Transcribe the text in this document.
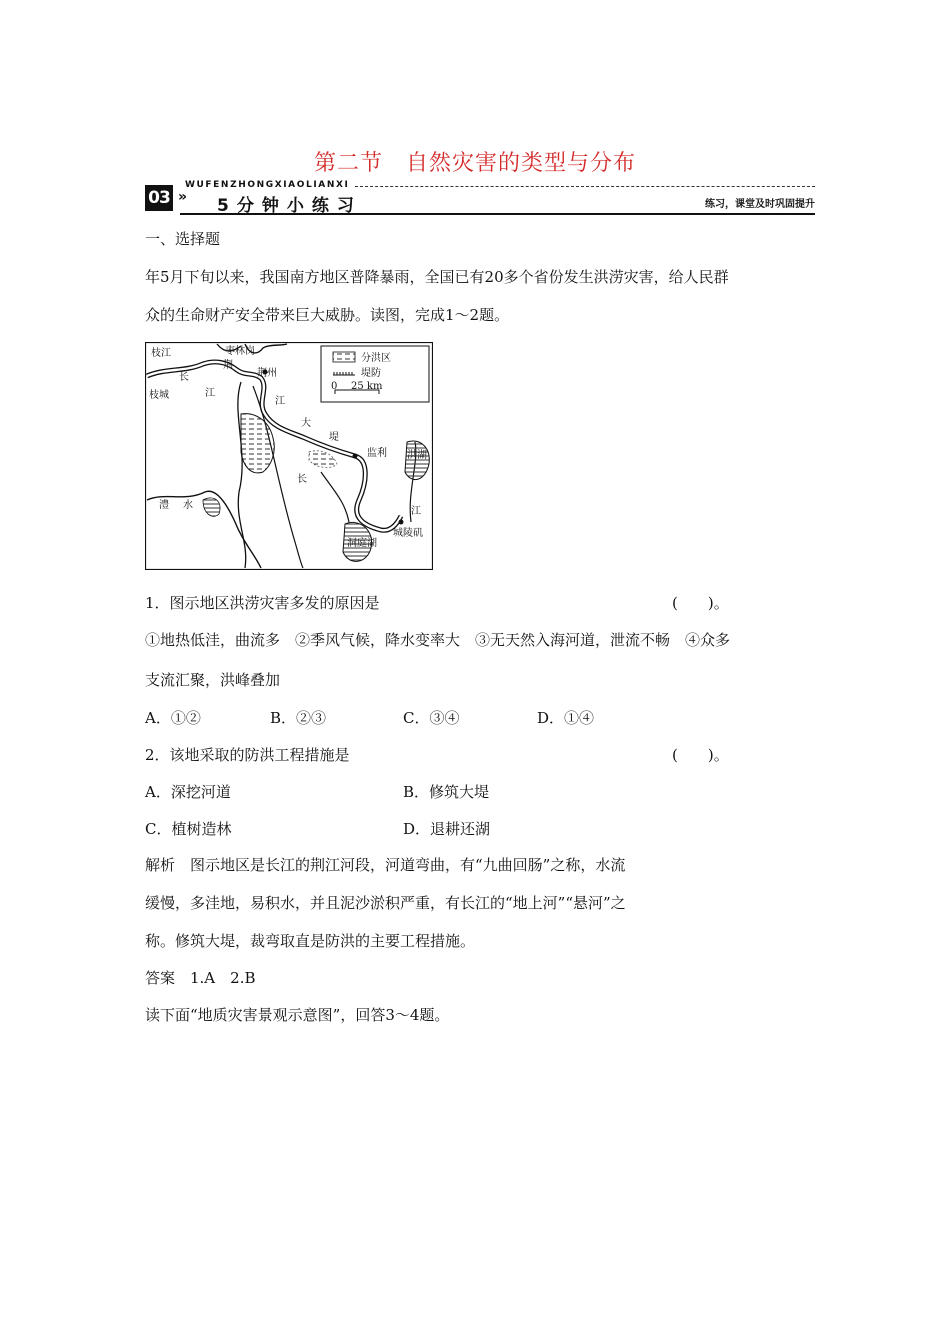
第二节　自然灾害的类型与分布
03 »
WUFENZHONGXIAOLIANXI
5分钟小练习	练习，课堂及时巩固提升
一、选择题
年5月下旬以来，我国南方地区普降暴雨，全国已有20多个省份发生洪涝灾害，给人民群
众的生命财产安全带来巨大威胁。读图，完成1～2题。
分洪区
堤防
0 25 km
枝江
枝城
枣林岗
荆
荆州
长
江
江
大
堤
监利 洪湖
长
江
澧 水
洞庭湖
城陵矶
1．图示地区洪涝灾害多发的原因是	(　　)。
①地热低洼，曲流多　②季风气候，降水变率大　③无天然入海河道，泄流不畅　④众多
支流汇聚，洪峰叠加
A．①②	B．②③	C．③④	D．①④
2．该地采取的防洪工程措施是	(　　)。
A．深挖河道	B．修筑大堤
C．植树造林	D．退耕还湖
解析　图示地区是长江的荆江河段，河道弯曲，有“九曲回肠”之称，水流
缓慢，多洼地，易积水，并且泥沙淤积严重，有长江的“地上河”“悬河”之
称。修筑大堤，裁弯取直是防洪的主要工程措施。
答案　1.A　2.B
读下面“地质灾害景观示意图”，回答3～4题。
